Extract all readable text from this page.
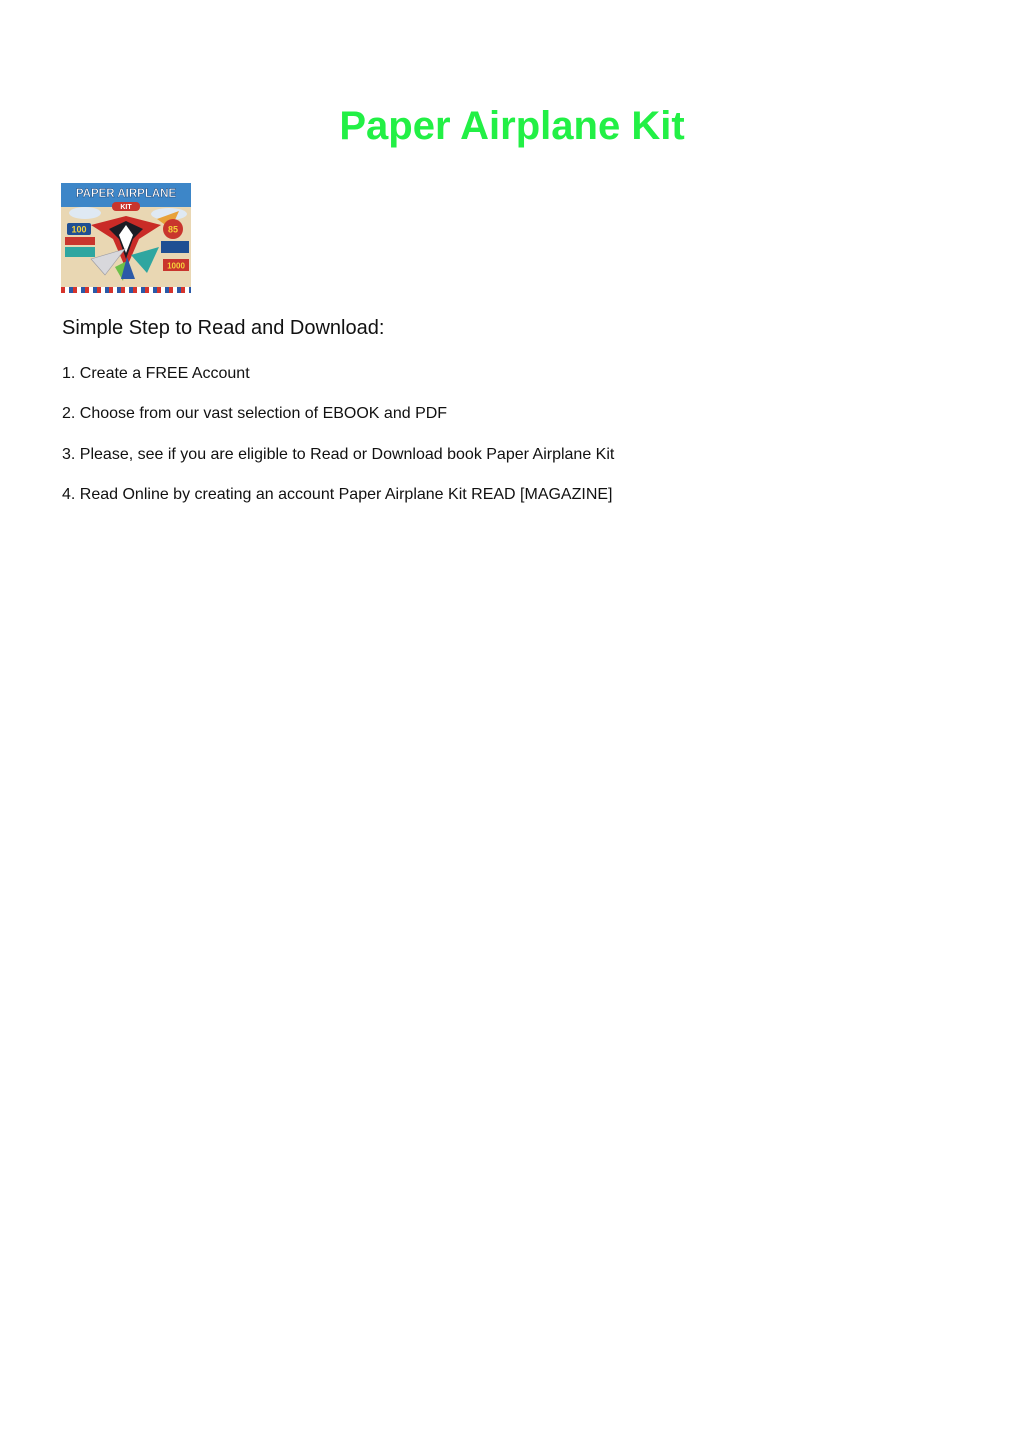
Paper Airplane Kit
PAPER AIRPLANE
KIT
100	85
1000
Simple Step to Read and Download:
1. Create a FREE Account
2. Choose from our vast selection of EBOOK and PDF
3. Please, see if you are eligible to Read or Download book Paper Airplane Kit
4. Read Online by creating an account Paper Airplane Kit READ [MAGAZINE]
